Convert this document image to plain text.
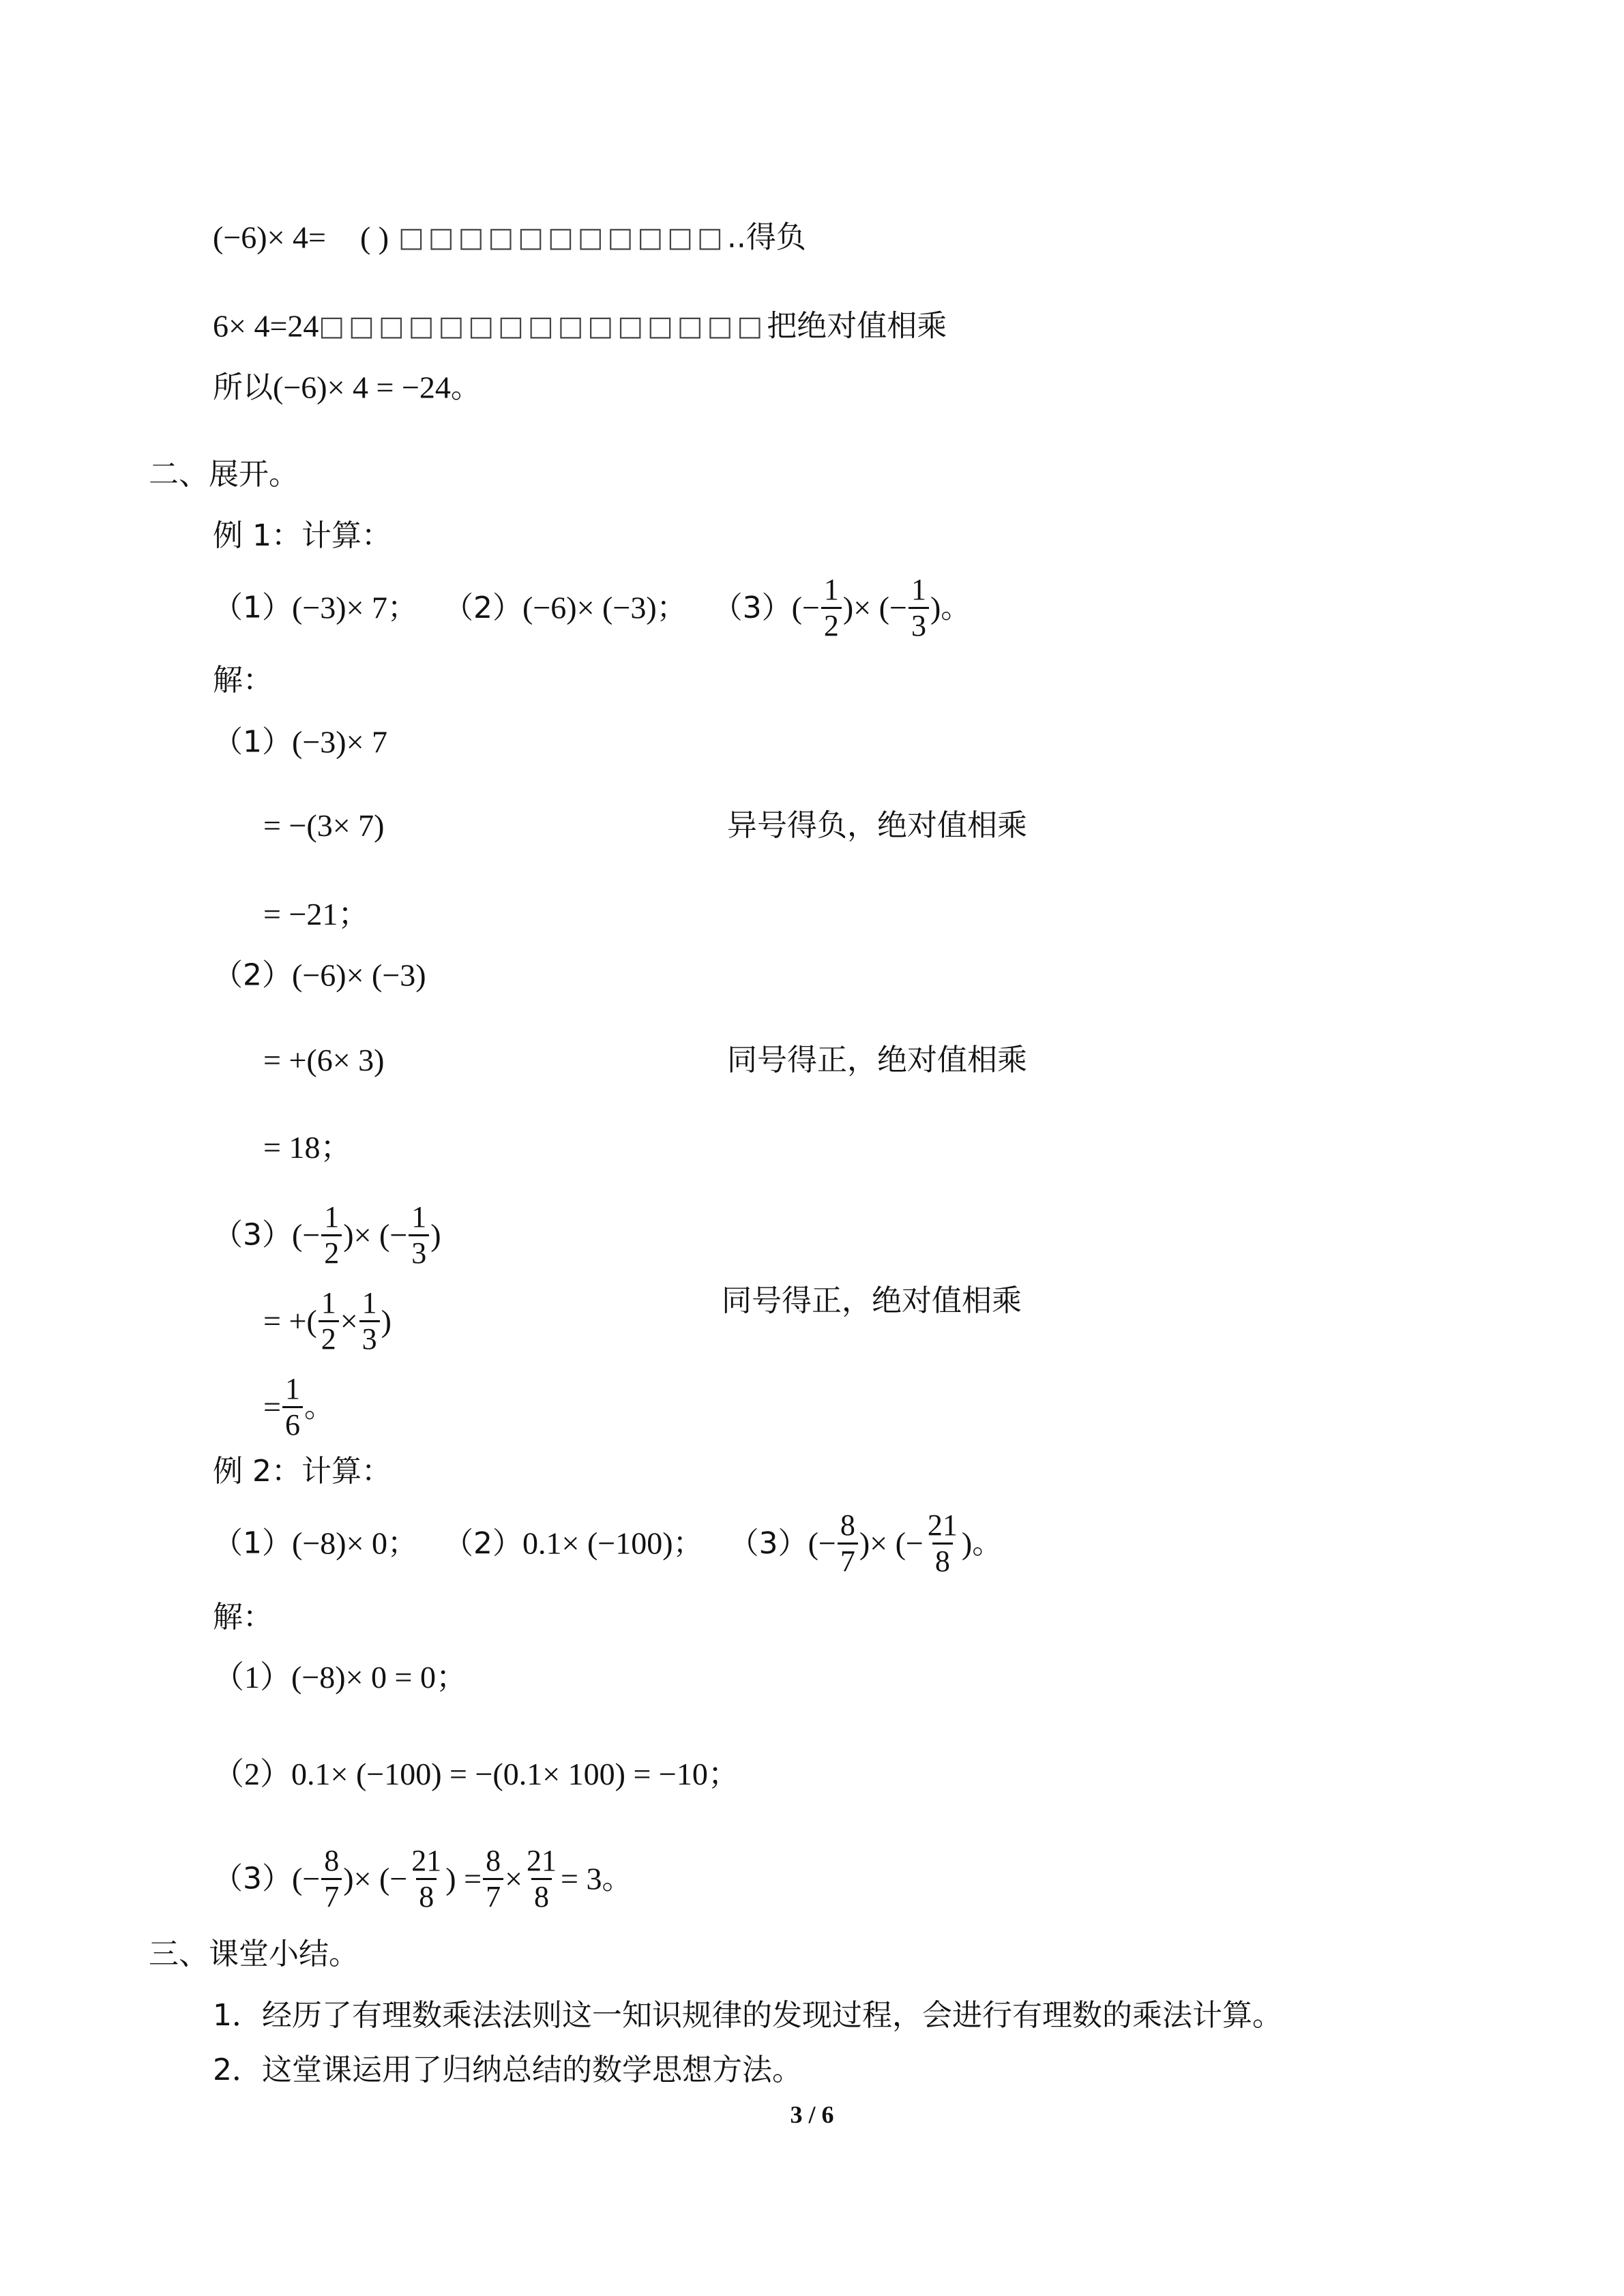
(−6)× 4= ( ) □□□□□□□□□□□..得负
6× 4=24□□□□□□□□□□□□□□□把绝对值相乘
所以(−6)× 4 = −24。
二、展开。
例 1：计算：
（1）(−3)× 7； （2）(−6)× (−3)； $(3)(- \frac{1}{2}$ )× (− $\frac{1}{3}$ )。
解：
（1）(−3)× 7
= −(3× 7)	异号得负，绝对值相乘
= −21；
（2）(−6)× (−3)
= +(6× 3)	同号得正，绝对值相乘
= 18；
$(3)(- \frac{1}{2}$ )× (− $\frac{1}{3}$ )
= +( $\frac{1}{2} \times \frac{1}{3}$ )
同号得正，绝对值相乘
= $\frac{1}{6}$ 。
例 2：计算：
（1）(−8)× 0； （2）0.1× (−100)； $(3)(- \frac{8}{7}$ )× (− $\frac{21}{8}$ )。
解：
（1）(−8)× 0 = 0；
（2）0.1× (−100) = −(0.1× 100) = −10；
$(3)(- \frac{8}{7}$ )× (− $\frac{21}{8}$ ) = $\frac{8}{7} \times \frac{21}{8} = 3$。
三、课堂小结。
1．经历了有理数乘法法则这一知识规律的发现过程，会进行有理数的乘法计算。
2．这堂课运用了归纳总结的数学思想方法。
3 / 6
